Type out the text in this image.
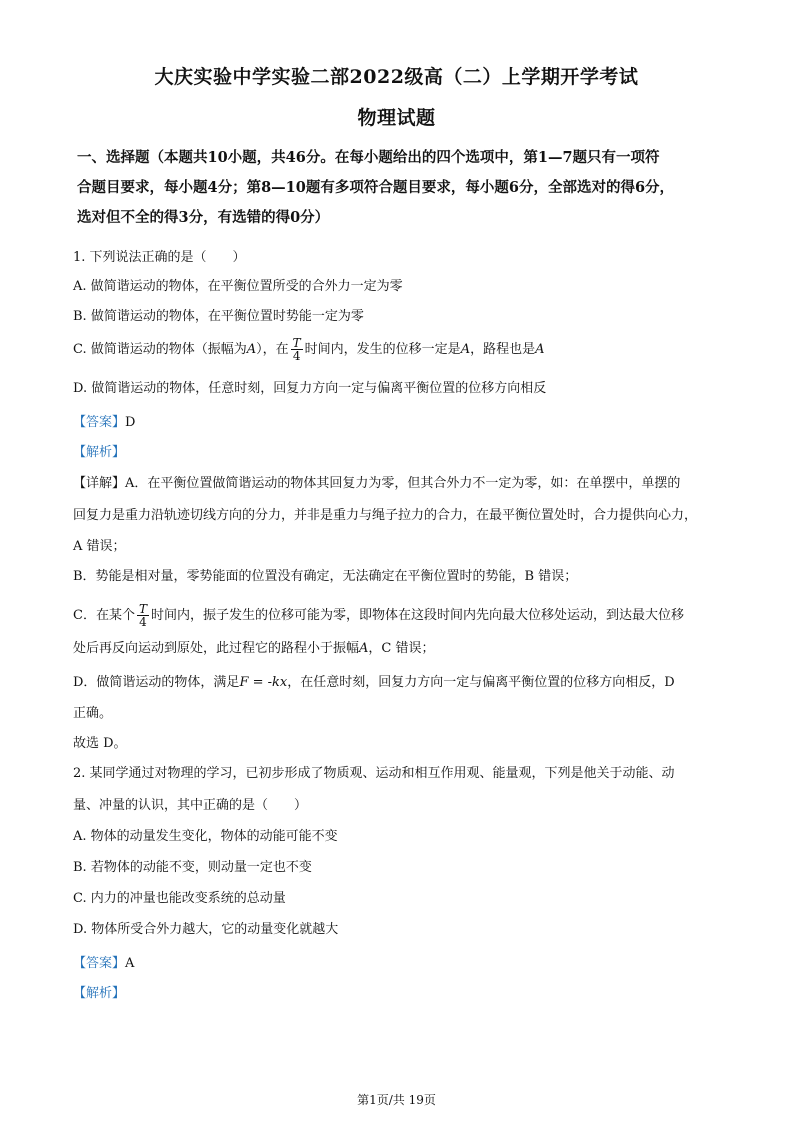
大庆实验中学实验二部2022级高（二）上学期开学考试
物理试题
一、选择题（本题共10小题，共46分。在每小题给出的四个选项中，第1—7题只有一项符
合题目要求，每小题4分；第8—10题有多项符合题目要求，每小题6分，全部选对的得6分，
选对但不全的得3分，有选错的得0分）
1. 下列说法正确的是（　　）
A. 做简谐运动的物体，在平衡位置所受的合外力一定为零
B. 做简谐运动的物体，在平衡位置时势能一定为零
C. 做简谐运动的物体（振幅为A），在 $\frac{T}{4}$ 时间内，发生的位移一定是A，路程也是A
D. 做简谐运动的物体，任意时刻，回复力方向一定与偏离平衡位置的位移方向相反
【答案】D
【解析】
【详解】A．在平衡位置做简谐运动的物体其回复力为零，但其合外力不一定为零，如：在单摆中，单摆的
回复力是重力沿轨迹切线方向的分力，并非是重力与绳子拉力的合力，在最平衡位置处时，合力提供向心力，
A 错误；
B．势能是相对量，零势能面的位置没有确定，无法确定在平衡位置时的势能，B 错误；
C．在某个 $\frac{T}{4}$ 时间内，振子发生的位移可能为零，即物体在这段时间内先向最大位移处运动，到达最大位移
处后再反向运动到原处，此过程它的路程小于振幅A，C 错误；
D．做简谐运动的物体，满足F = -kx，在任意时刻，回复力方向一定与偏离平衡位置的位移方向相反，D
正确。
故选 D。
2. 某同学通过对物理的学习，已初步形成了物质观、运动和相互作用观、能量观，下列是他关于动能、动
量、冲量的认识，其中正确的是（　　）
A. 物体的动量发生变化，物体的动能可能不变
B. 若物体的动能不变，则动量一定也不变
C. 内力的冲量也能改变系统的总动量
D. 物体所受合外力越大，它的动量变化就越大
【答案】A
【解析】
第1页/共 19页
